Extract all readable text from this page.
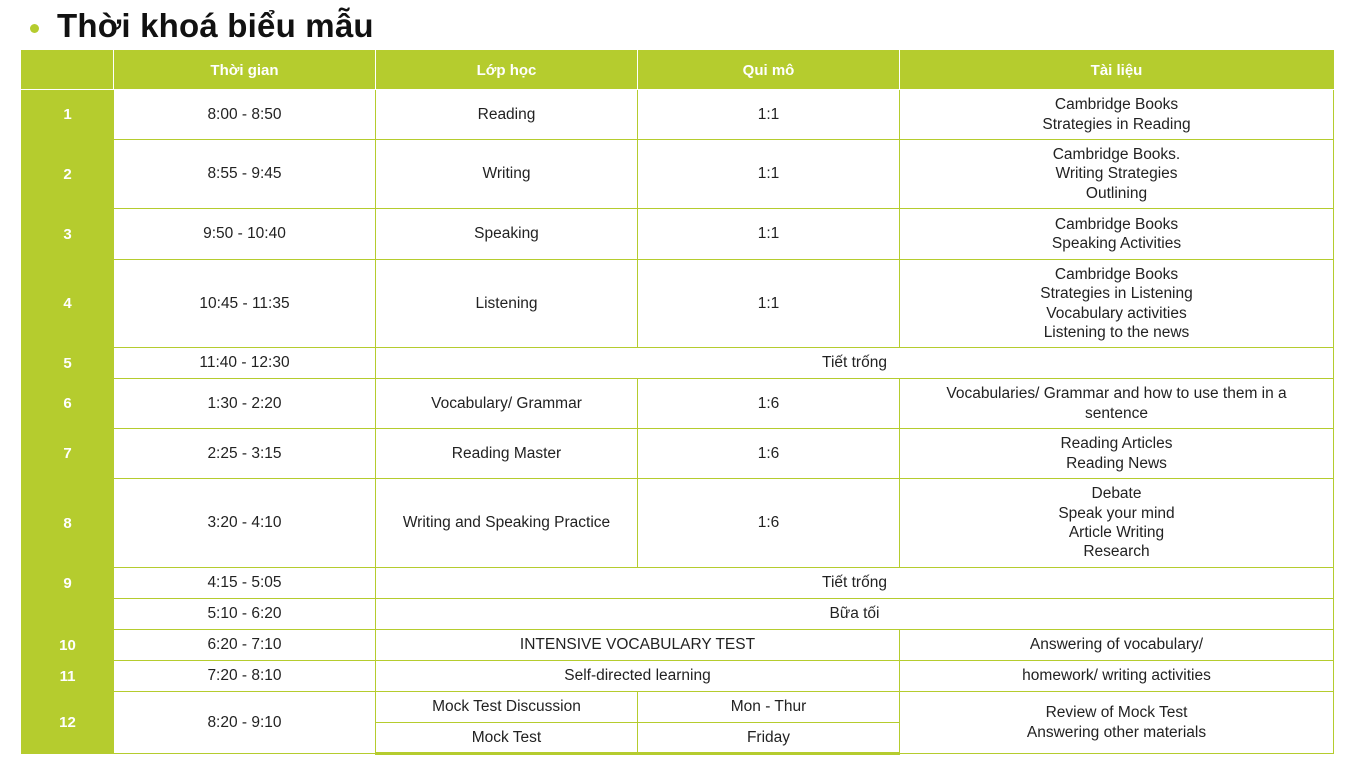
Thời khoá biểu mẫu
	Thời gian	Lớp học	Qui mô	Tài liệu
1	8:00 - 8:50	Reading	1:1	Cambridge Books
Strategies in Reading

2	8:55 - 9:45	Writing	1:1	Cambridge Books.
Writing Strategies
Outlining

3	9:50 - 10:40	Speaking	1:1	Cambridge Books
Speaking Activities

4	10:45 - 11:35	Listening	1:1	Cambridge Books
Strategies in Listening
Vocabulary activities
Listening to the news

5	11:40 - 12:30	Tiết trống		
6	1:30 - 2:20	Vocabulary/ Grammar	1:6	Vocabularies/ Grammar and how to use them in a
sentence

7	2:25 - 3:15	Reading Master	1:6	Reading Articles
Reading News

8	3:20 - 4:10	Writing and Speaking Practice	1:6	Debate
Speak your mind
Article Writing
Research

9	4:15 - 5:05	Tiết trống		
	5:10 - 6:20	Bữa tối		
10	6:20 - 7:10	INTENSIVE VOCABULARY TEST		Answering of vocabulary/

11	7:20 - 8:10	Self-directed learning		homework/ writing activities

12	8:20 - 9:10	Mock Test Discussion	Mon - Thur	Review of Mock Test
Answering other materials

		Mock Test	Friday	
